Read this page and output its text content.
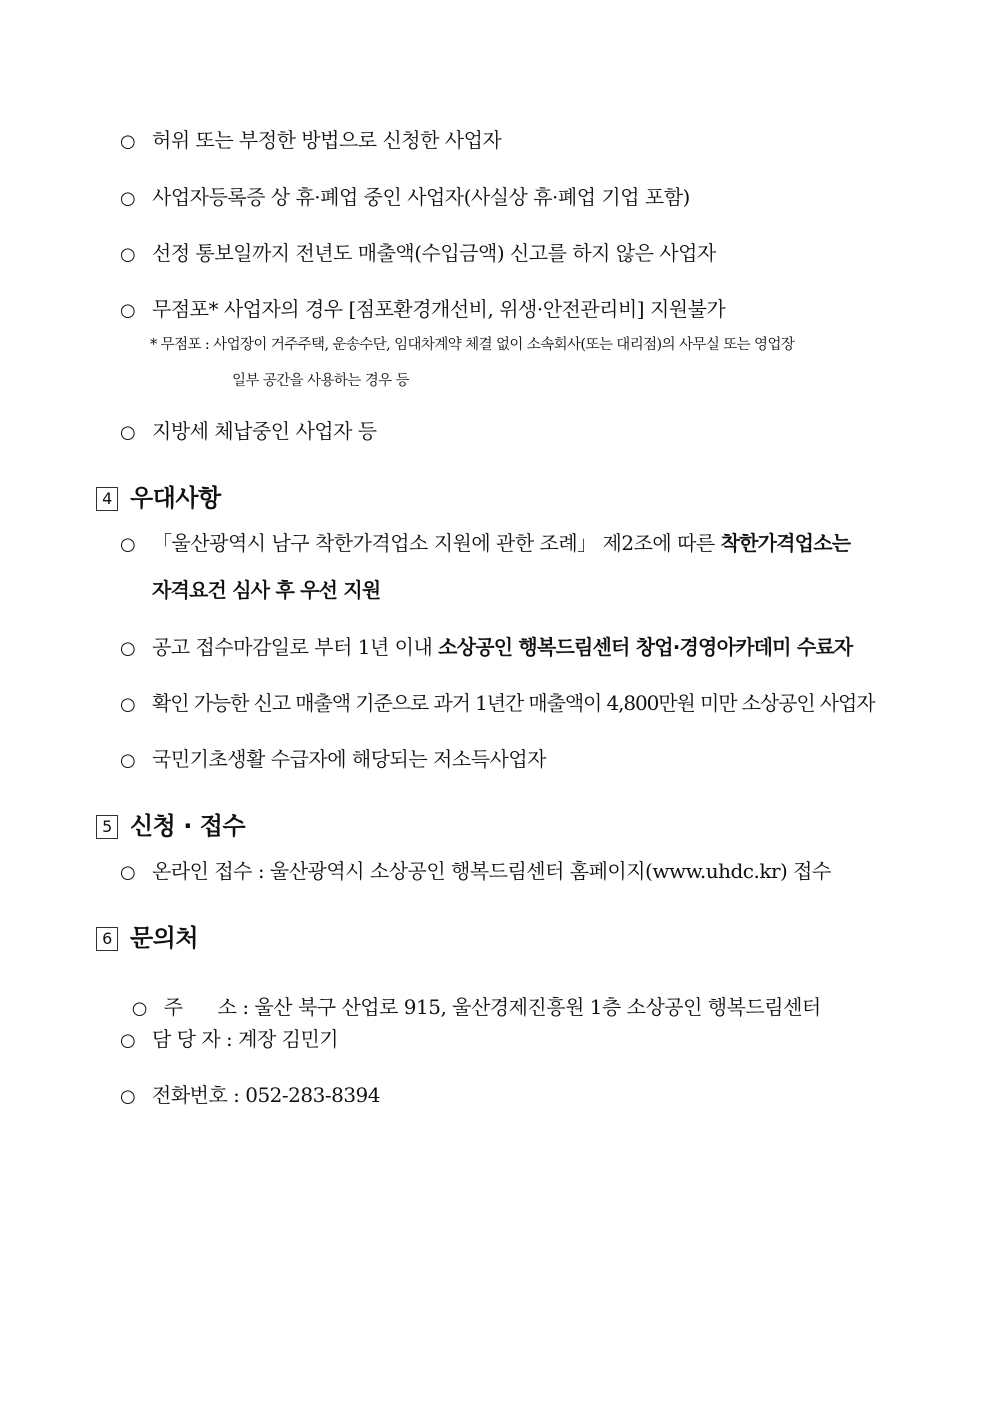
○ 허위 또는 부정한 방법으로 신청한 사업자
○ 사업자등록증 상 휴·폐업 중인 사업자(사실상 휴·폐업 기업 포함)
○ 선정 통보일까지 전년도 매출액(수입금액) 신고를 하지 않은 사업자
○ 무점포* 사업자의 경우 [점포환경개선비, 위생·안전관리비] 지원불가
* 무점포 : 사업장이 거주주택, 운송수단, 임대차계약 체결 없이 소속회사(또는 대리점)의 사무실 또는 영업장
일부 공간을 사용하는 경우 등
○ 지방세 체납중인 사업자 등
4 우대사항
○ 「울산광역시 남구 착한가격업소 지원에 관한 조례」 제2조에 따른 착한가격업소는
자격요건 심사 후 우선 지원
○ 공고 접수마감일로 부터 1년 이내 소상공인 행복드림센터 창업·경영아카데미 수료자
○ 확인 가능한 신고 매출액 기준으로 과거 1년간 매출액이 4,800만원 미만 소상공인 사업자
○ 국민기초생활 수급자에 해당되는 저소득사업자
5 신청 · 접수
○ 온라인 접수 : 울산광역시 소상공인 행복드림센터 홈페이지(www.uhdc.kr) 접수
6 문의처

○ 주      소 : 울산 북구 산업로 915, 울산경제진흥원 1층 소상공인 행복드림센터

○ 담 당 자 : 계장 김민기
○ 전화번호 : 052-283-8394
